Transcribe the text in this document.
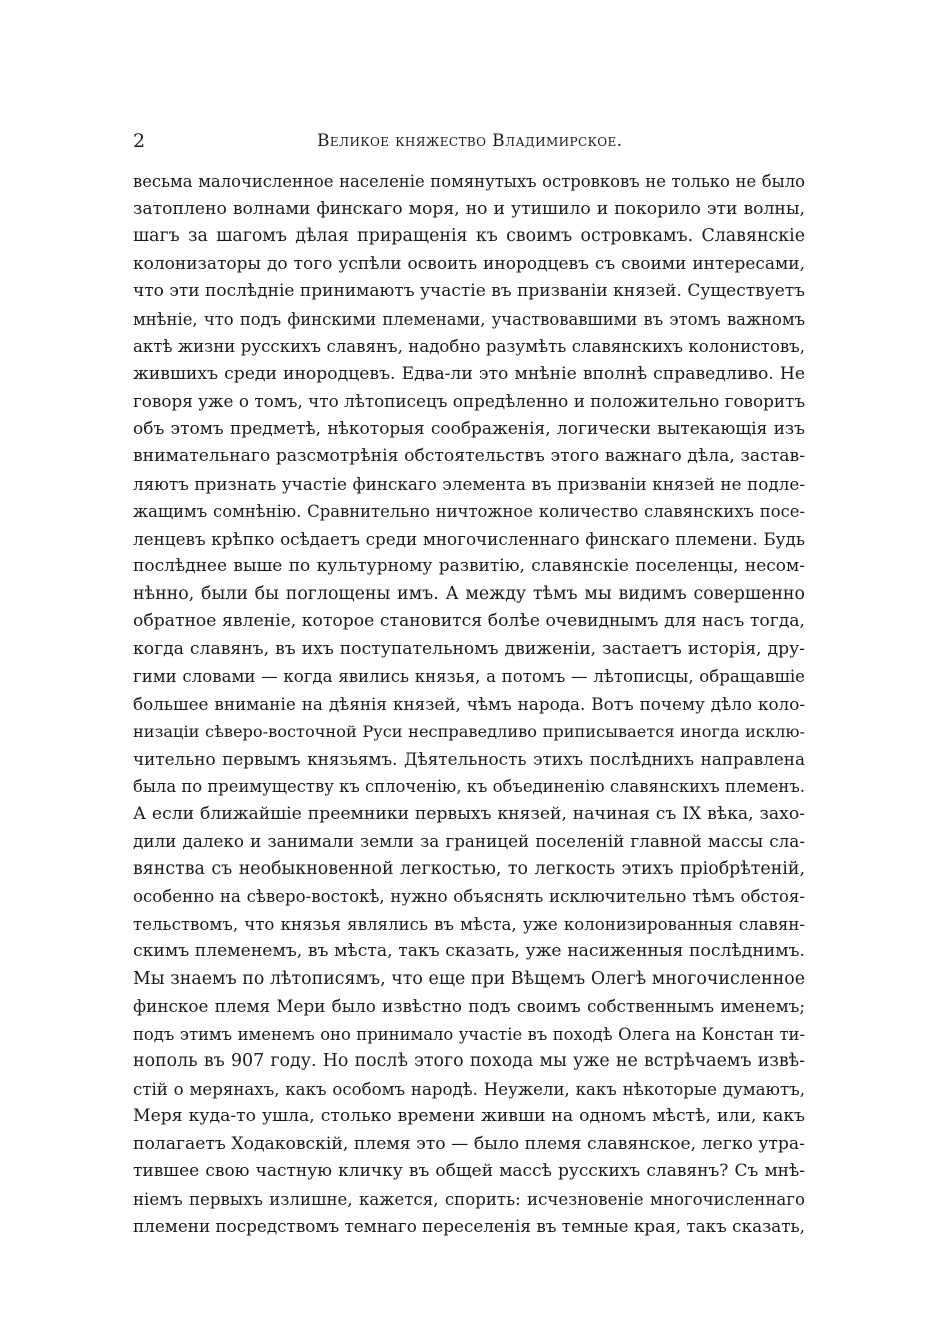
2	Великое княжество Владимирское.
весьма малочисленное населеніе помянутыхъ островковъ не только не было
затоплено волнами финскаго моря, но и утишило и покорило эти волны,
шагъ за шагомъ дѣлая приращенія къ своимъ островкамъ. Славянскіе
колонизаторы до того успѣли освоить инородцевъ съ своими интересами,
что эти послѣдніе принимаютъ участіе въ призваніи князей. Существуетъ
мнѣніе, что подъ финскими племенами, участвовавшими въ этомъ важномъ
актѣ жизни русскихъ славянъ, надобно разумѣть славянскихъ колонистовъ,
жившихъ среди инородцевъ. Едва-ли это мнѣніе вполнѣ справедливо. Не
говоря уже о томъ, что лѣтописецъ опредѣленно и положительно говоритъ
объ этомъ предметѣ, нѣкоторыя соображенія, логически вытекающія изъ
внимательнаго разсмотрѣнія обстоятельствъ этого важнаго дѣла, застав-
ляютъ признать участіе финскаго элемента въ призваніи князей не подле-
жащимъ сомнѣнію. Сравнительно ничтожное количество славянскихъ посе-
ленцевъ крѣпко осѣдаетъ среди многочисленнаго финскаго племени. Будь
послѣднее выше по культурному развитію, славянскіе поселенцы, несом-
нѣнно, были бы поглощены имъ. А между тѣмъ мы видимъ совершенно
обратное явленіе, которое становится болѣе очевиднымъ для насъ тогда,
когда славянъ, въ ихъ поступательномъ движеніи, застаетъ исторія, дру-
гими словами — когда явились князья, а потомъ — лѣтописцы, обращавшіе
большее вниманіе на дѣянія князей, чѣмъ народа. Вотъ почему дѣло коло-
низаціи сѣверо-восточной Руси несправедливо приписывается иногда исклю-
чительно первымъ князьямъ. Дѣятельность этихъ послѣднихъ направлена
была по преимуществу къ сплоченію, къ объединенію славянскихъ племенъ.
А если ближайшіе преемники первыхъ князей, начиная съ IX вѣка, захо-
дили далеко и занимали земли за границей поселеній главной массы сла-
вянства съ необыкновенной легкостью, то легкость этихъ пріобрѣтеній,
особенно на сѣверо-востокѣ, нужно объяснять исключительно тѣмъ обстоя-
тельствомъ, что князья являлись въ мѣста, уже колонизированныя славян-
скимъ племенемъ, въ мѣста, такъ сказать, уже насиженныя послѣднимъ.
Мы знаемъ по лѣтописямъ, что еще при Вѣщемъ Олегѣ многочисленное
финское племя Мери было извѣстно подъ своимъ собственнымъ именемъ;
подъ этимъ именемъ оно принимало участіе въ походѣ Олега на Констан ти-
нополь въ 907 году. Но послѣ этого похода мы уже не встрѣчаемъ извѣ-
стій о мерянахъ, какъ особомъ народѣ. Неужели, какъ нѣкоторые думаютъ,
Меря куда-то ушла, столько времени живши на одномъ мѣстѣ, или, какъ
полагаетъ Ходаковскій, племя это — было племя славянское, легко утра-
тившее свою частную кличку въ общей массѣ русскихъ славянъ? Съ мнѣ-
ніемъ первыхъ излишне, кажется, спорить: исчезновеніе многочисленнаго
племени посредствомъ темнаго переселенія въ темные края, такъ сказать,
